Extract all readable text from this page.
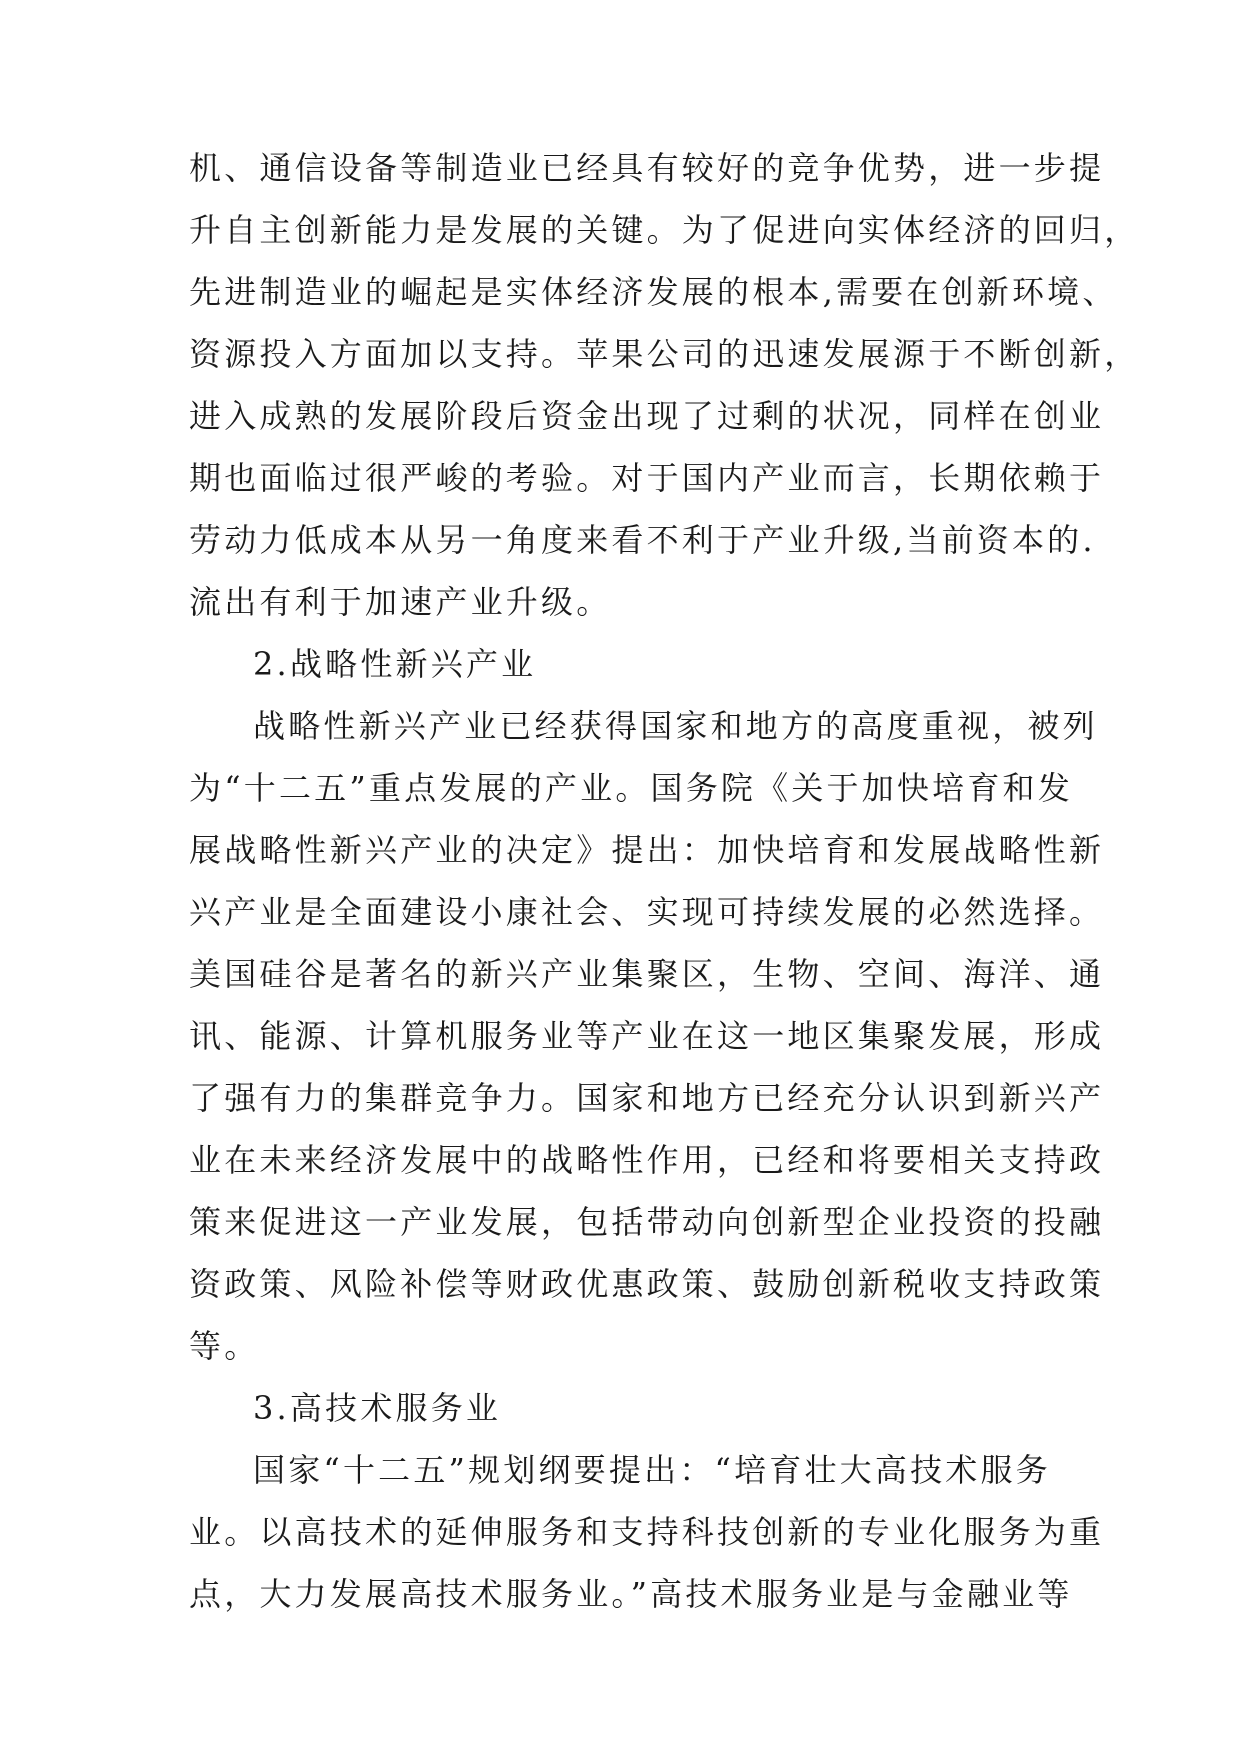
机、通信设备等制造业已经具有较好的竞争优势，进一步提
升自主创新能力是发展的关键。为了促进向实体经济的回归，
先进制造业的崛起是实体经济发展的根本,需要在创新环境、
资源投入方面加以支持。苹果公司的迅速发展源于不断创新，
进入成熟的发展阶段后资金出现了过剩的状况，同样在创业
期也面临过很严峻的考验。对于国内产业而言，长期依赖于
劳动力低成本从另一角度来看不利于产业升级,当前资本的.
流出有利于加速产业升级。
2.战略性新兴产业
战略性新兴产业已经获得国家和地方的高度重视，被列
为“十二五”重点发展的产业。国务院《关于加快培育和发
展战略性新兴产业的决定》提出：加快培育和发展战略性新
兴产业是全面建设小康社会、实现可持续发展的必然选择。
美国硅谷是著名的新兴产业集聚区，生物、空间、海洋、通
讯、能源、计算机服务业等产业在这一地区集聚发展，形成
了强有力的集群竞争力。国家和地方已经充分认识到新兴产
业在未来经济发展中的战略性作用，已经和将要相关支持政
策来促进这一产业发展，包括带动向创新型企业投资的投融
资政策、风险补偿等财政优惠政策、鼓励创新税收支持政策
等。
3.高技术服务业
国家“十二五”规划纲要提出：“培育壮大高技术服务
业。以高技术的延伸服务和支持科技创新的专业化服务为重
点，大力发展高技术服务业。”高技术服务业是与金融业等
